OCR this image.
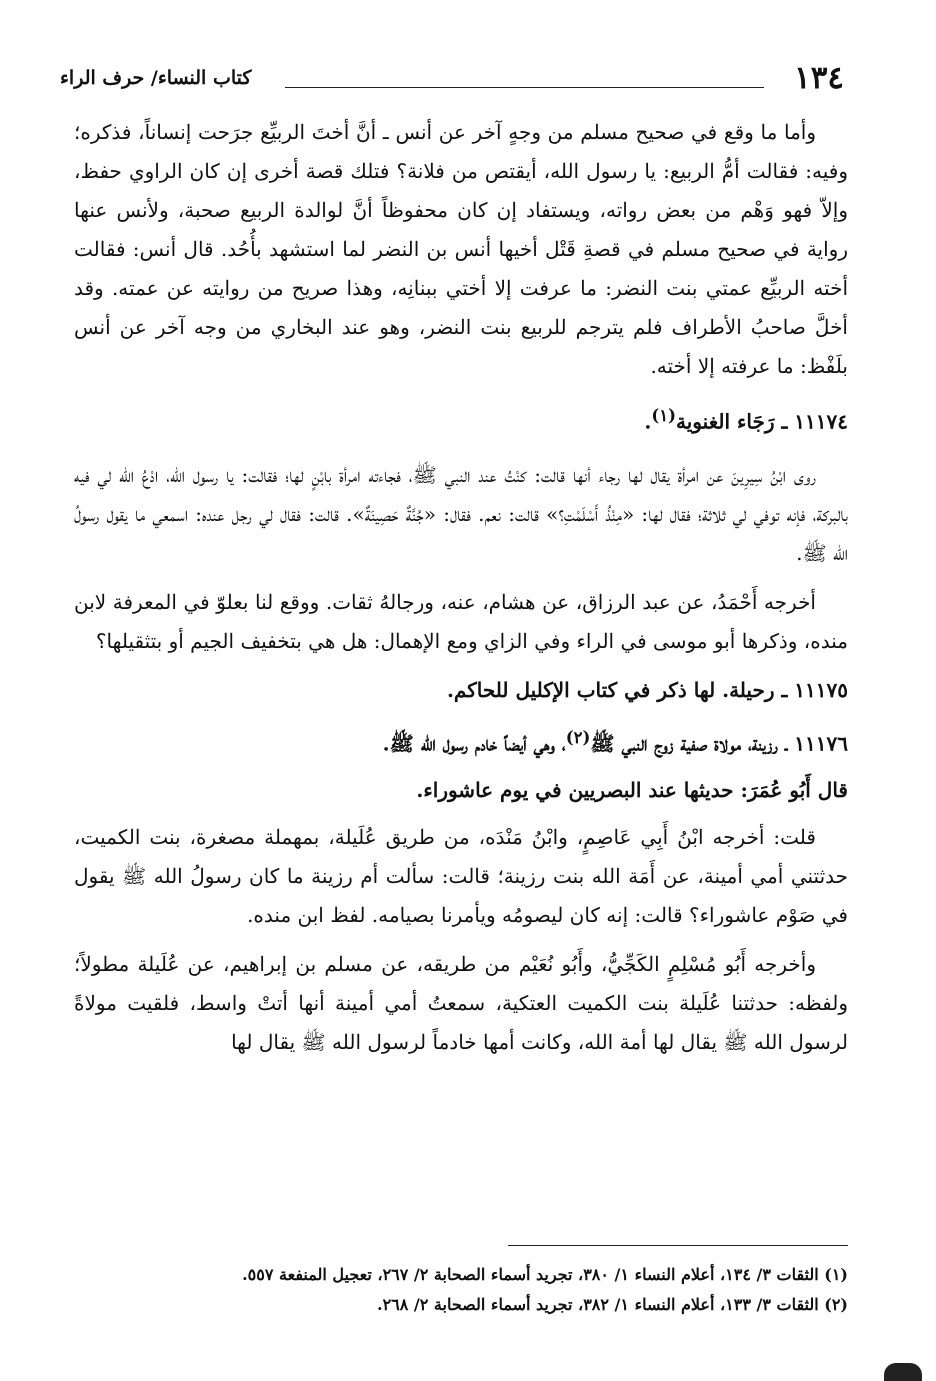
١٣٤
كتاب النساء/ حرف الراء

وأما ما وقع في صحيح مسلم من وجهٍ آخر عن أنس ـ أنَّ أختَ الربيِّع جرَحت إنساناً، فذكره؛ وفيه: فقالت أمُّ الربيع: يا رسول الله، أيقتص من فلانة؟ فتلك قصة أخرى إن كان الراوي حفظ، وإلاّ فهو وَهْم من بعض رواته، ويستفاد إن كان محفوظاً أنَّ لوالدة الربيع صحبة، ولأنس عنها رواية في صحيح مسلم في قصةِ قَتْل أخيها أنس بن النضر لما استشهد بأُحُد. قال أنس: فقالت أخته الربيِّع عمتي بنت النضر: ما عرفت إلا أختي ببنانِه، وهذا صريح من روايته عن عمته. وقد أخلَّ صاحبُ الأطراف فلم يترجم للربيع بنت النضر، وهو عند البخاري من وجه آخر عن أنس بلَفْظ: ما عرفته إلا أخته.

١١١٧٤ ـ رَجَاء الغنوية$^{(١)}$.

روى ابْنُ سِيرِينَ عن امرأة يقال لها رجاء أنها قالت: كنْتُ عند النبي ﷺ، فجاءته امرأة بابْنٍ لها؛ فقالت: يا رسول الله، ادْعُ الله لي فيه بالبركة، فإنه توفي لي ثلاثة؛ فقال لها: «مِنْذُ أَسْلَمْتِ؟» قالت: نعم. فقال: «جُنَّةٌ حَصِينَةٌ». قالت: فقال لي رجل عنده: اسمعي ما يقول رسولُ الله ﷺ.

أخرجه أَحْمَدُ، عن عبد الرزاق، عن هشام، عنه، ورجالهُ ثقات. ووقع لنا بعلوّ في المعرفة لابن منده، وذكرها أبو موسى في الراء وفي الزاي ومع الإهمال: هل هي بتخفيف الجيم أو بتثقيلها؟

١١١٧٥ ـ رحيلة. لها ذكر في كتاب الإكليل للحاكم.

١١١٧٦ ـ رزينة، مولاة صفية زوج النبي ﷺ$^{(٢)}$، وهي أيضاً خادم رسول الله ﷺ.

قال أَبُو عُمَرَ: حديثها عند البصريين في يوم عاشوراء.

قلت: أخرجه ابْنُ أَبِي عَاصِمٍ، وابْنُ مَنْدَه، من طريق عُلَيلة، بمهملة مصغرة، بنت الكميت، حدثتني أمي أمينة، عن أَمَة الله بنت رزينة؛ قالت: سألت أم رزينة ما كان رسولُ الله ﷺ يقول في صَوْم عاشوراء؟ قالت: إنه كان ليصومُه ويأمرنا بصيامه. لفظ ابن منده.

وأخرجه أَبُو مُسْلِمٍ الكَجِّيُّ، وأَبُو نُعَيْم من طريقه، عن مسلم بن إبراهيم، عن عُلَيلة مطولاً؛ ولفظه: حدثتنا عُلَيلة بنت الكميت العتكية، سمعتُ أمي أمينة أنها أتتْ واسط، فلقيت مولاةً لرسول الله ﷺ يقال لها أمة الله، وكانت أمها خادماً لرسول الله ﷺ يقال لها

(١) الثقات ٣/ ١٣٤، أعلام النساء ١/ ٣٨٠، تجريد أسماء الصحابة ٢/ ٢٦٧، تعجيل المنفعة ٥٥٧.

(٢) الثقات ٣/ ١٣٣، أعلام النساء ١/ ٣٨٢، تجريد أسماء الصحابة ٢/ ٢٦٨.
